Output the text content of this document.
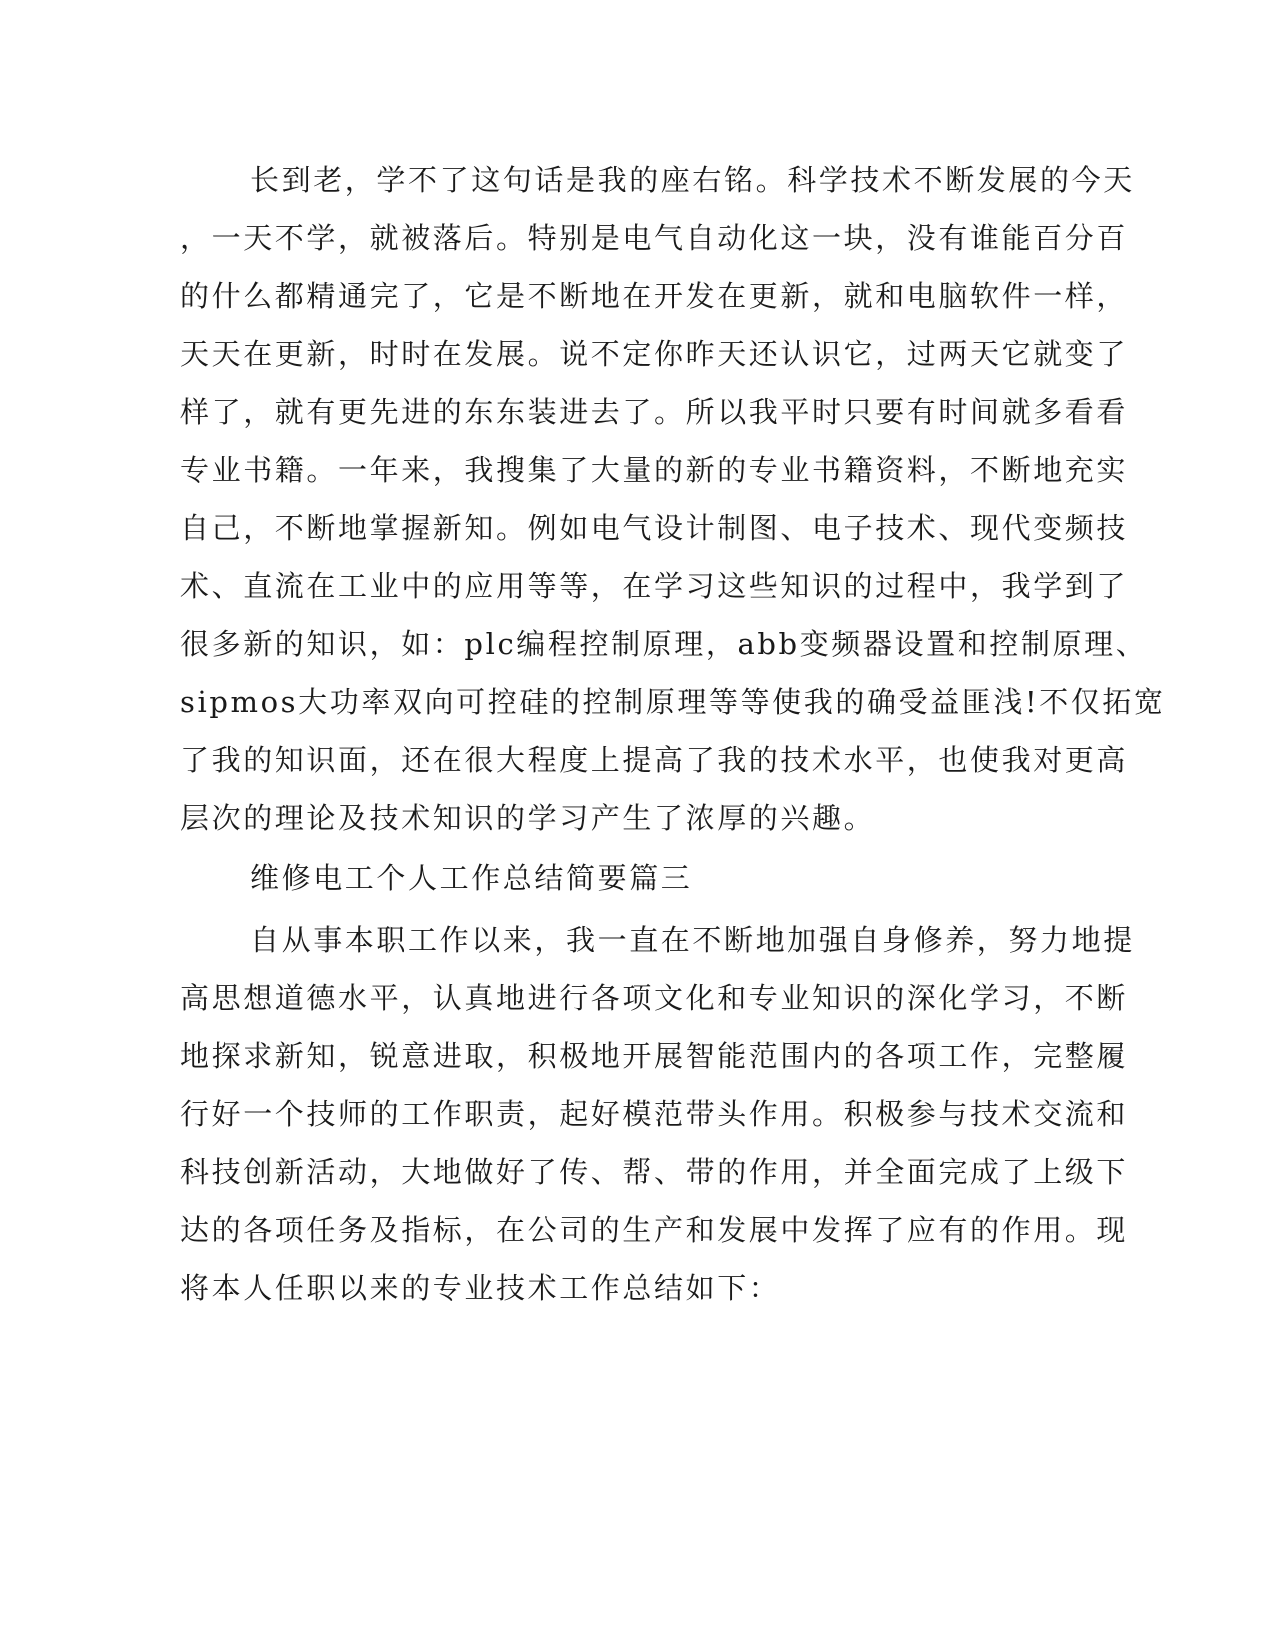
长到老，学不了这句话是我的座右铭。科学技术不断发展的今天
，一天不学，就被落后。特别是电气自动化这一块，没有谁能百分百
的什么都精通完了，它是不断地在开发在更新，就和电脑软件一样，
天天在更新，时时在发展。说不定你昨天还认识它，过两天它就变了
样了，就有更先进的东东装进去了。所以我平时只要有时间就多看看
专业书籍。一年来，我搜集了大量的新的专业书籍资料，不断地充实
自己，不断地掌握新知。例如电气设计制图、电子技术、现代变频技
术、直流在工业中的应用等等，在学习这些知识的过程中，我学到了
很多新的知识，如：plc编程控制原理，abb变频器设置和控制原理、
sipmos大功率双向可控硅的控制原理等等使我的确受益匪浅!不仅拓宽
了我的知识面，还在很大程度上提高了我的技术水平，也使我对更高
层次的理论及技术知识的学习产生了浓厚的兴趣。
维修电工个人工作总结简要篇三
自从事本职工作以来，我一直在不断地加强自身修养，努力地提
高思想道德水平，认真地进行各项文化和专业知识的深化学习，不断
地探求新知，锐意进取，积极地开展智能范围内的各项工作，完整履
行好一个技师的工作职责，起好模范带头作用。积极参与技术交流和
科技创新活动，大地做好了传、帮、带的作用，并全面完成了上级下
达的各项任务及指标，在公司的生产和发展中发挥了应有的作用。现
将本人任职以来的专业技术工作总结如下：
